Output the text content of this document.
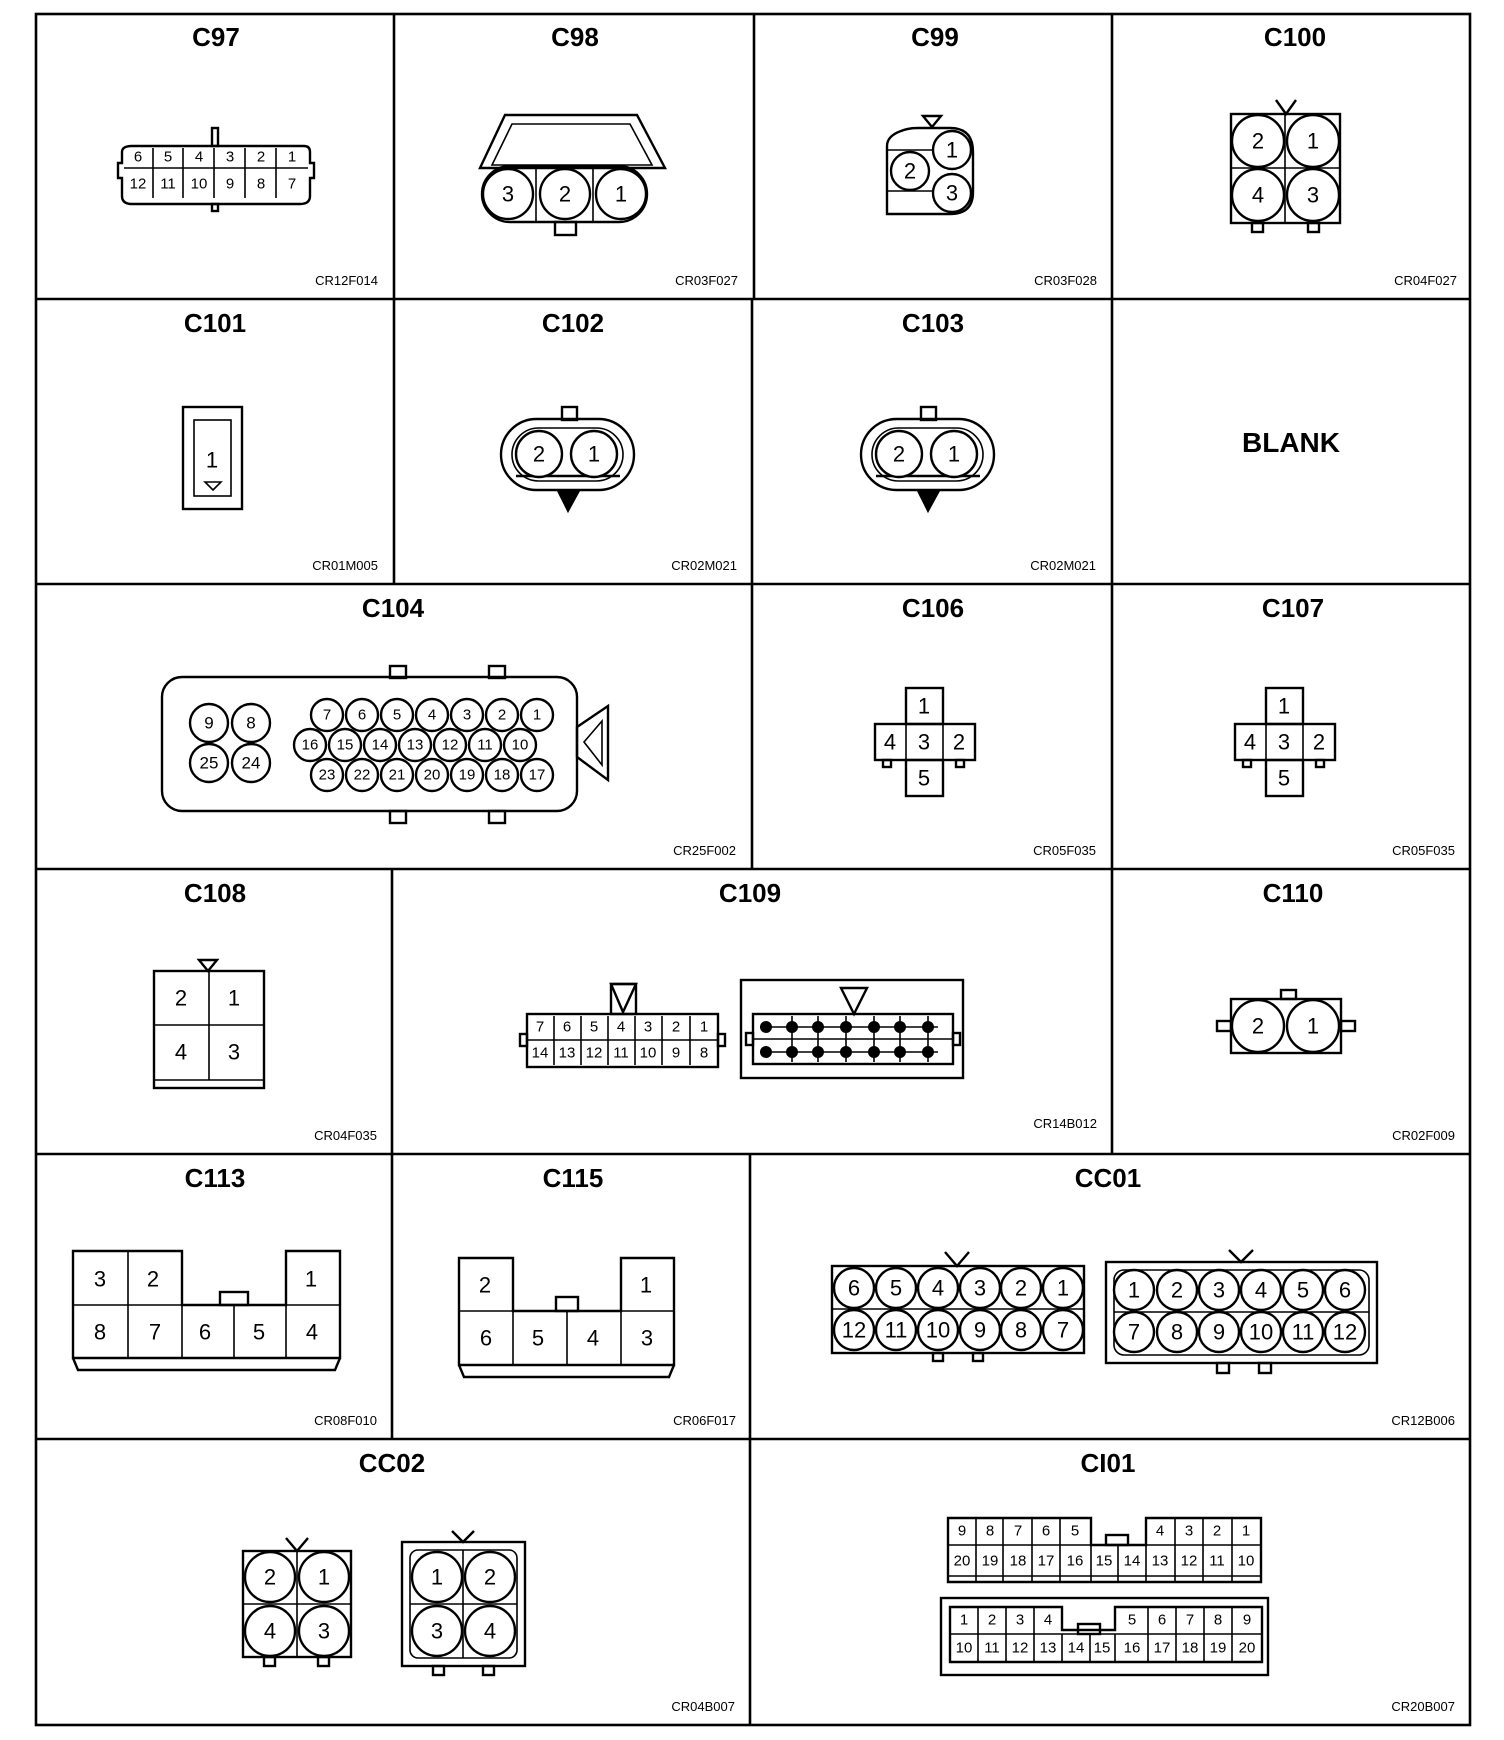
C97
6 5 4 3 2 1
12 11 10 9 8 7
CR12F014
C98
3 2 1
CR03F027
C99
1
2
3
CR03F028
C100
2 1
4 3
CR04F027
C101
1
CR01M005
C102
2 1
CR02M021
C103
2 1
CR02M021
BLANK
C104
9 8
25 24
7 6 5 4 3 2 1
16 15 14 13 12 11 10
23 22 21 20 19 18 17
CR25F002
C106
1
4 3 2
5
CR05F035
C107
1
4 3 2
5
CR05F035
C108
2 1
4 3
CR04F035
C109
7 6 5 4 3 2 1
14 13 12 11 10 9 8
CR14B012
C110
2 1
CR02F009
C113
3 2	1
8 7 6 5 4
CR08F010
C115
2	1
6 5 4 3
CR06F017
CC01
6 5 4 3 2 1
12 11 10 9 8 7
1 2 3 4 5 6
7 8 9 10 11 12
CR12B006
CC02
2 1
4 3
1 2
3 4
CR04B007
CI01
9 8 7 6 5	4 3 2 1
20 19 18 17 16 15 14 13 12 11 10
1 2 3 4	5 6 7 8 9
10 11 12 13 14 15 16 17 18 19 20
CR20B007
